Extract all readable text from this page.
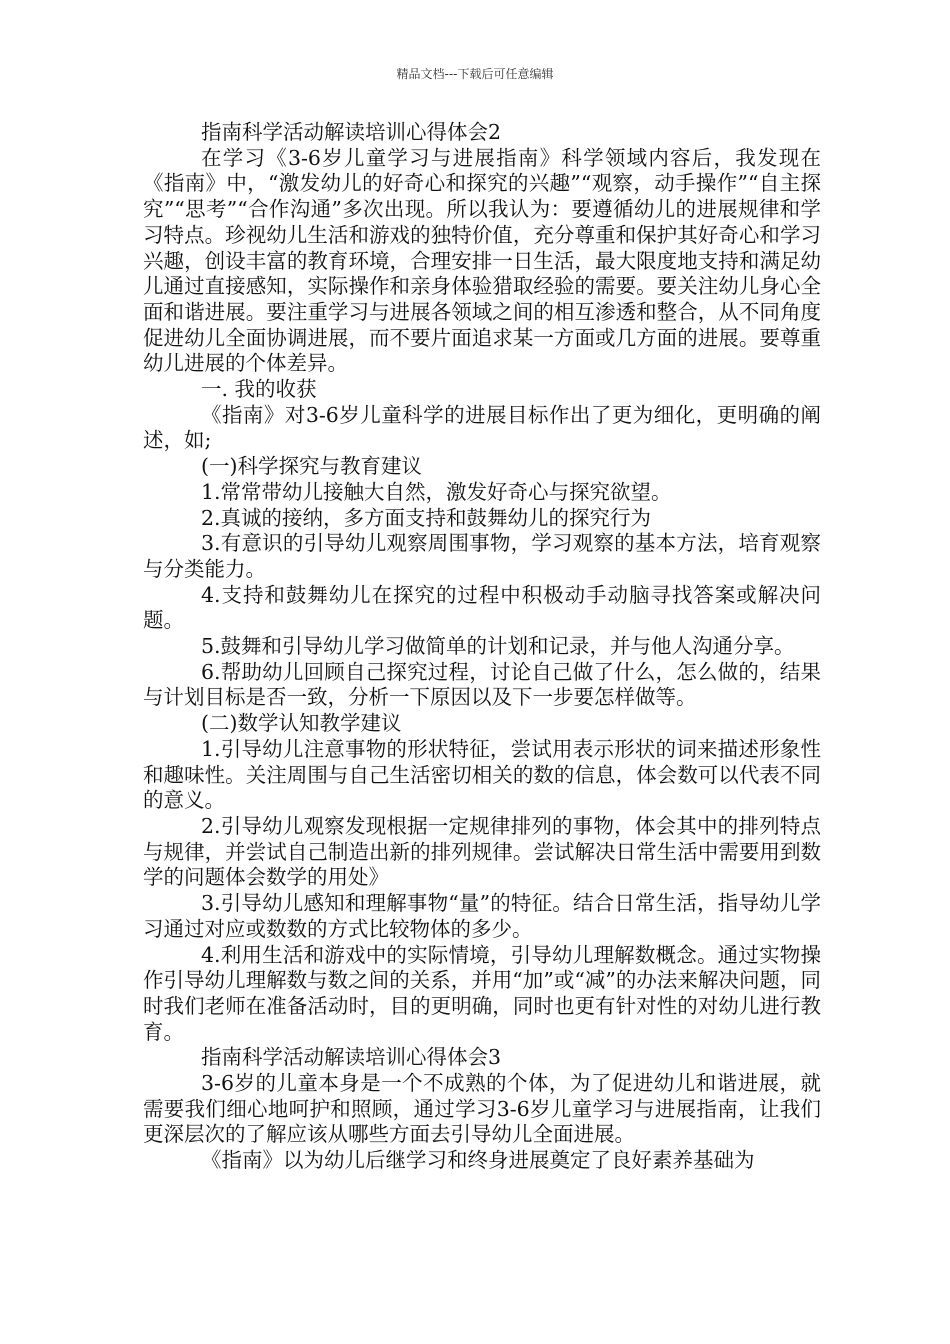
精品文档---下载后可任意编辑

指南科学活动解读培训心得体会2

在学习《3-6岁儿童学习与进展指南》科学领域内容后，我发现在《指南》中，“激发幼儿的好奇心和探究的兴趣”“观察，动手操作”“自主探究”“思考”“合作沟通”多次出现。所以我认为：要遵循幼儿的进展规律和学习特点。珍视幼儿生活和游戏的独特价值，充分尊重和保护其好奇心和学习兴趣，创设丰富的教育环境，合理安排一日生活，最大限度地支持和满足幼儿通过直接感知，实际操作和亲身体验猎取经验的需要。要关注幼儿身心全面和谐进展。要注重学习与进展各领域之间的相互渗透和整合，从不同角度促进幼儿全面协调进展，而不要片面追求某一方面或几方面的进展。要尊重幼儿进展的个体差异。

一. 我的收获

《指南》对3-6岁儿童科学的进展目标作出了更为细化，更明确的阐述，如;

(一)科学探究与教育建议

1.常常带幼儿接触大自然，激发好奇心与探究欲望。

2.真诚的接纳，多方面支持和鼓舞幼儿的探究行为

3.有意识的引导幼儿观察周围事物，学习观察的基本方法，培育观察与分类能力。

4.支持和鼓舞幼儿在探究的过程中积极动手动脑寻找答案或解决问题。

5.鼓舞和引导幼儿学习做简单的计划和记录，并与他人沟通分享。

6.帮助幼儿回顾自己探究过程，讨论自己做了什么，怎么做的，结果与计划目标是否一致，分析一下原因以及下一步要怎样做等。

(二)数学认知教学建议

1.引导幼儿注意事物的形状特征，尝试用表示形状的词来描述形象性和趣味性。关注周围与自己生活密切相关的数的信息，体会数可以代表不同的意义。

2.引导幼儿观察发现根据一定规律排列的事物，体会其中的排列特点与规律，并尝试自己制造出新的排列规律。尝试解决日常生活中需要用到数学的问题体会数学的用处》

3.引导幼儿感知和理解事物“量”的特征。结合日常生活，指导幼儿学习通过对应或数数的方式比较物体的多少。

4.利用生活和游戏中的实际情境，引导幼儿理解数概念。通过实物操作引导幼儿理解数与数之间的关系，并用“加”或“减”的办法来解决问题，同时我们老师在准备活动时，目的更明确，同时也更有针对性的对幼儿进行教育。

指南科学活动解读培训心得体会3

3-6岁的儿童本身是一个不成熟的个体，为了促进幼儿和谐进展，就需要我们细心地呵护和照顾，通过学习3-6岁儿童学习与进展指南，让我们更深层次的了解应该从哪些方面去引导幼儿全面进展。

《指南》以为幼儿后继学习和终身进展奠定了良好素养基础为
